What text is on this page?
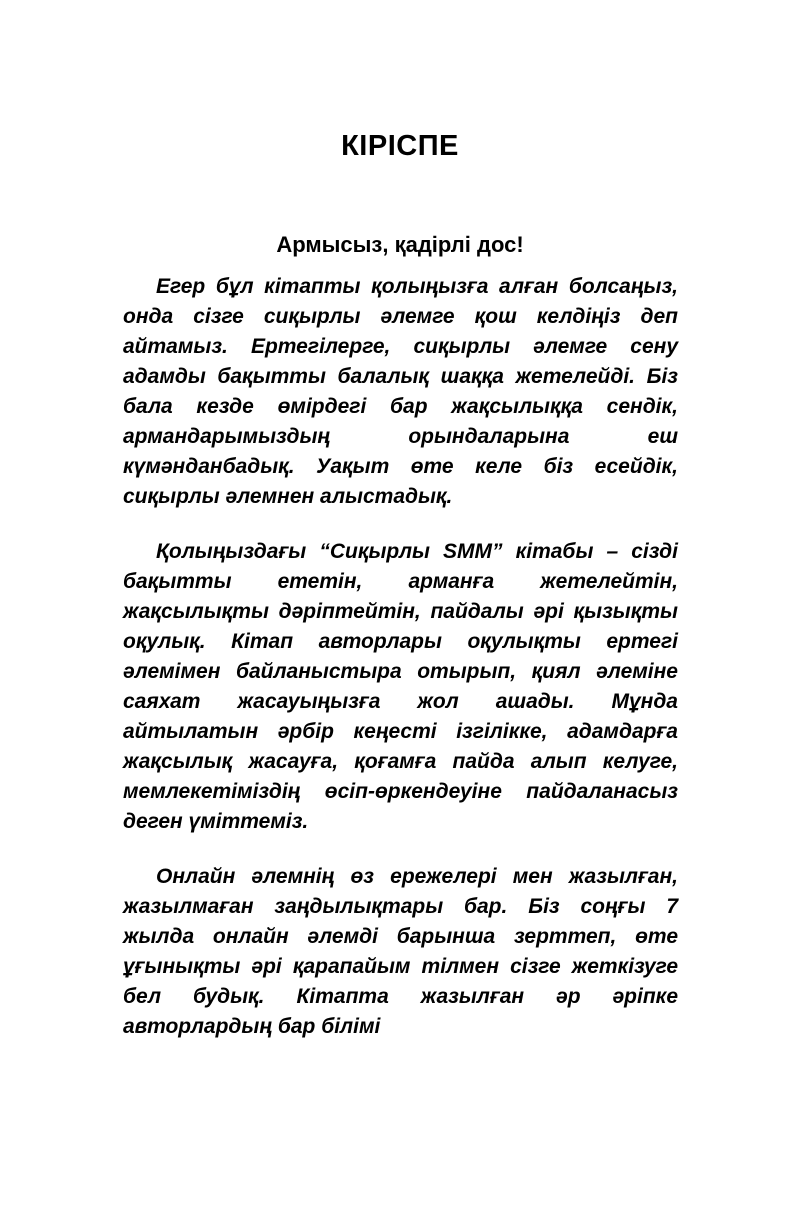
КІРІСПЕ

Армысыз, қадірлі дос!

Егер бұл кітапты қолыңызға алған болсаңыз, онда сізге сиқырлы әлемге қош келдіңіз деп айтамыз. Ертегілерге, сиқырлы әлемге сену адамды бақытты балалық шаққа жетелейді. Біз бала кезде өмірдегі бар жақсылыққа сендік, армандарымыздың орындаларына еш күмәнданбадық. Уақыт өте келе біз есейдік, сиқырлы әлемнен алыстадық.

Қолыңыздағы “Сиқырлы SMM” кітабы – сізді бақытты ететін, арманға жетелейтін, жақсылықты дәріптейтін, пайдалы әрі қызықты оқулық. Кітап авторлары оқулықты ертегі әлемімен байланыстыра отырып, қиял әлеміне саяхат жасауыңызға жол ашады. Мұнда айтылатын әрбір кеңесті ізгілікке, адамдарға жақсылық жасауға, қоғамға пайда алып келуге, мемлекетіміздің өсіп-өркендеуіне пайдаланасыз деген үміттеміз.

Онлайн әлемнің өз ережелері мен жазылған, жазылмаған заңдылықтары бар. Біз соңғы 7 жылда онлайн әлемді барынша зерттеп, өте ұғынықты әрі қарапайым тілмен сізге жеткізуге бел будық. Кітапта жазылған әр әріпке авторлардың бар білімі
